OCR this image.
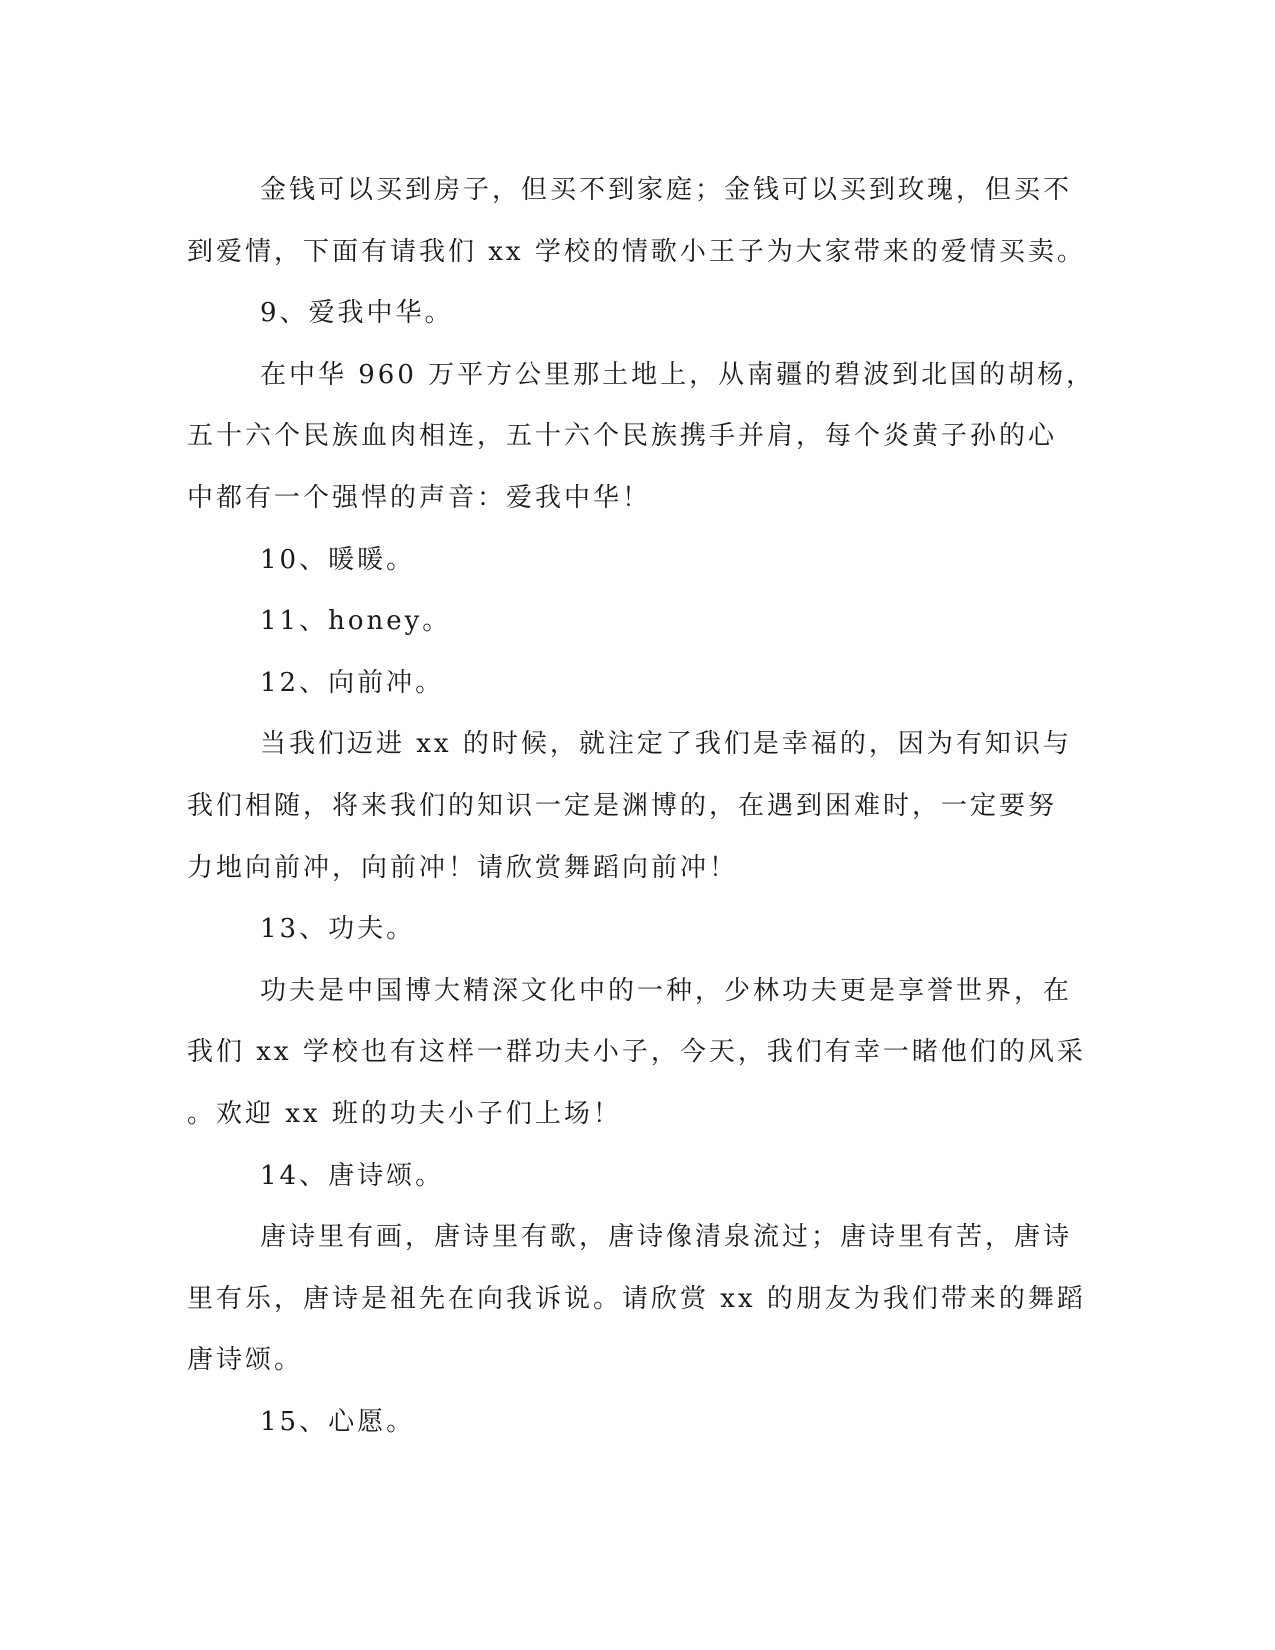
金钱可以买到房子，但买不到家庭；金钱可以买到玫瑰，但买不
到爱情，下面有请我们 xx 学校的情歌小王子为大家带来的爱情买卖。
9、爱我中华。
在中华 960 万平方公里那土地上，从南疆的碧波到北国的胡杨，
五十六个民族血肉相连，五十六个民族携手并肩，每个炎黄子孙的心
中都有一个强悍的声音：爱我中华！
10、暖暖。
11、honey。
12、向前冲。
当我们迈进 xx 的时候，就注定了我们是幸福的，因为有知识与
我们相随，将来我们的知识一定是渊博的，在遇到困难时，一定要努
力地向前冲，向前冲！请欣赏舞蹈向前冲！
13、功夫。
功夫是中国博大精深文化中的一种，少林功夫更是享誉世界，在
我们 xx 学校也有这样一群功夫小子，今天，我们有幸一睹他们的风采
。欢迎 xx 班的功夫小子们上场！
14、唐诗颂。
唐诗里有画，唐诗里有歌，唐诗像清泉流过；唐诗里有苦，唐诗
里有乐，唐诗是祖先在向我诉说。请欣赏 xx 的朋友为我们带来的舞蹈
唐诗颂。
15、心愿。
